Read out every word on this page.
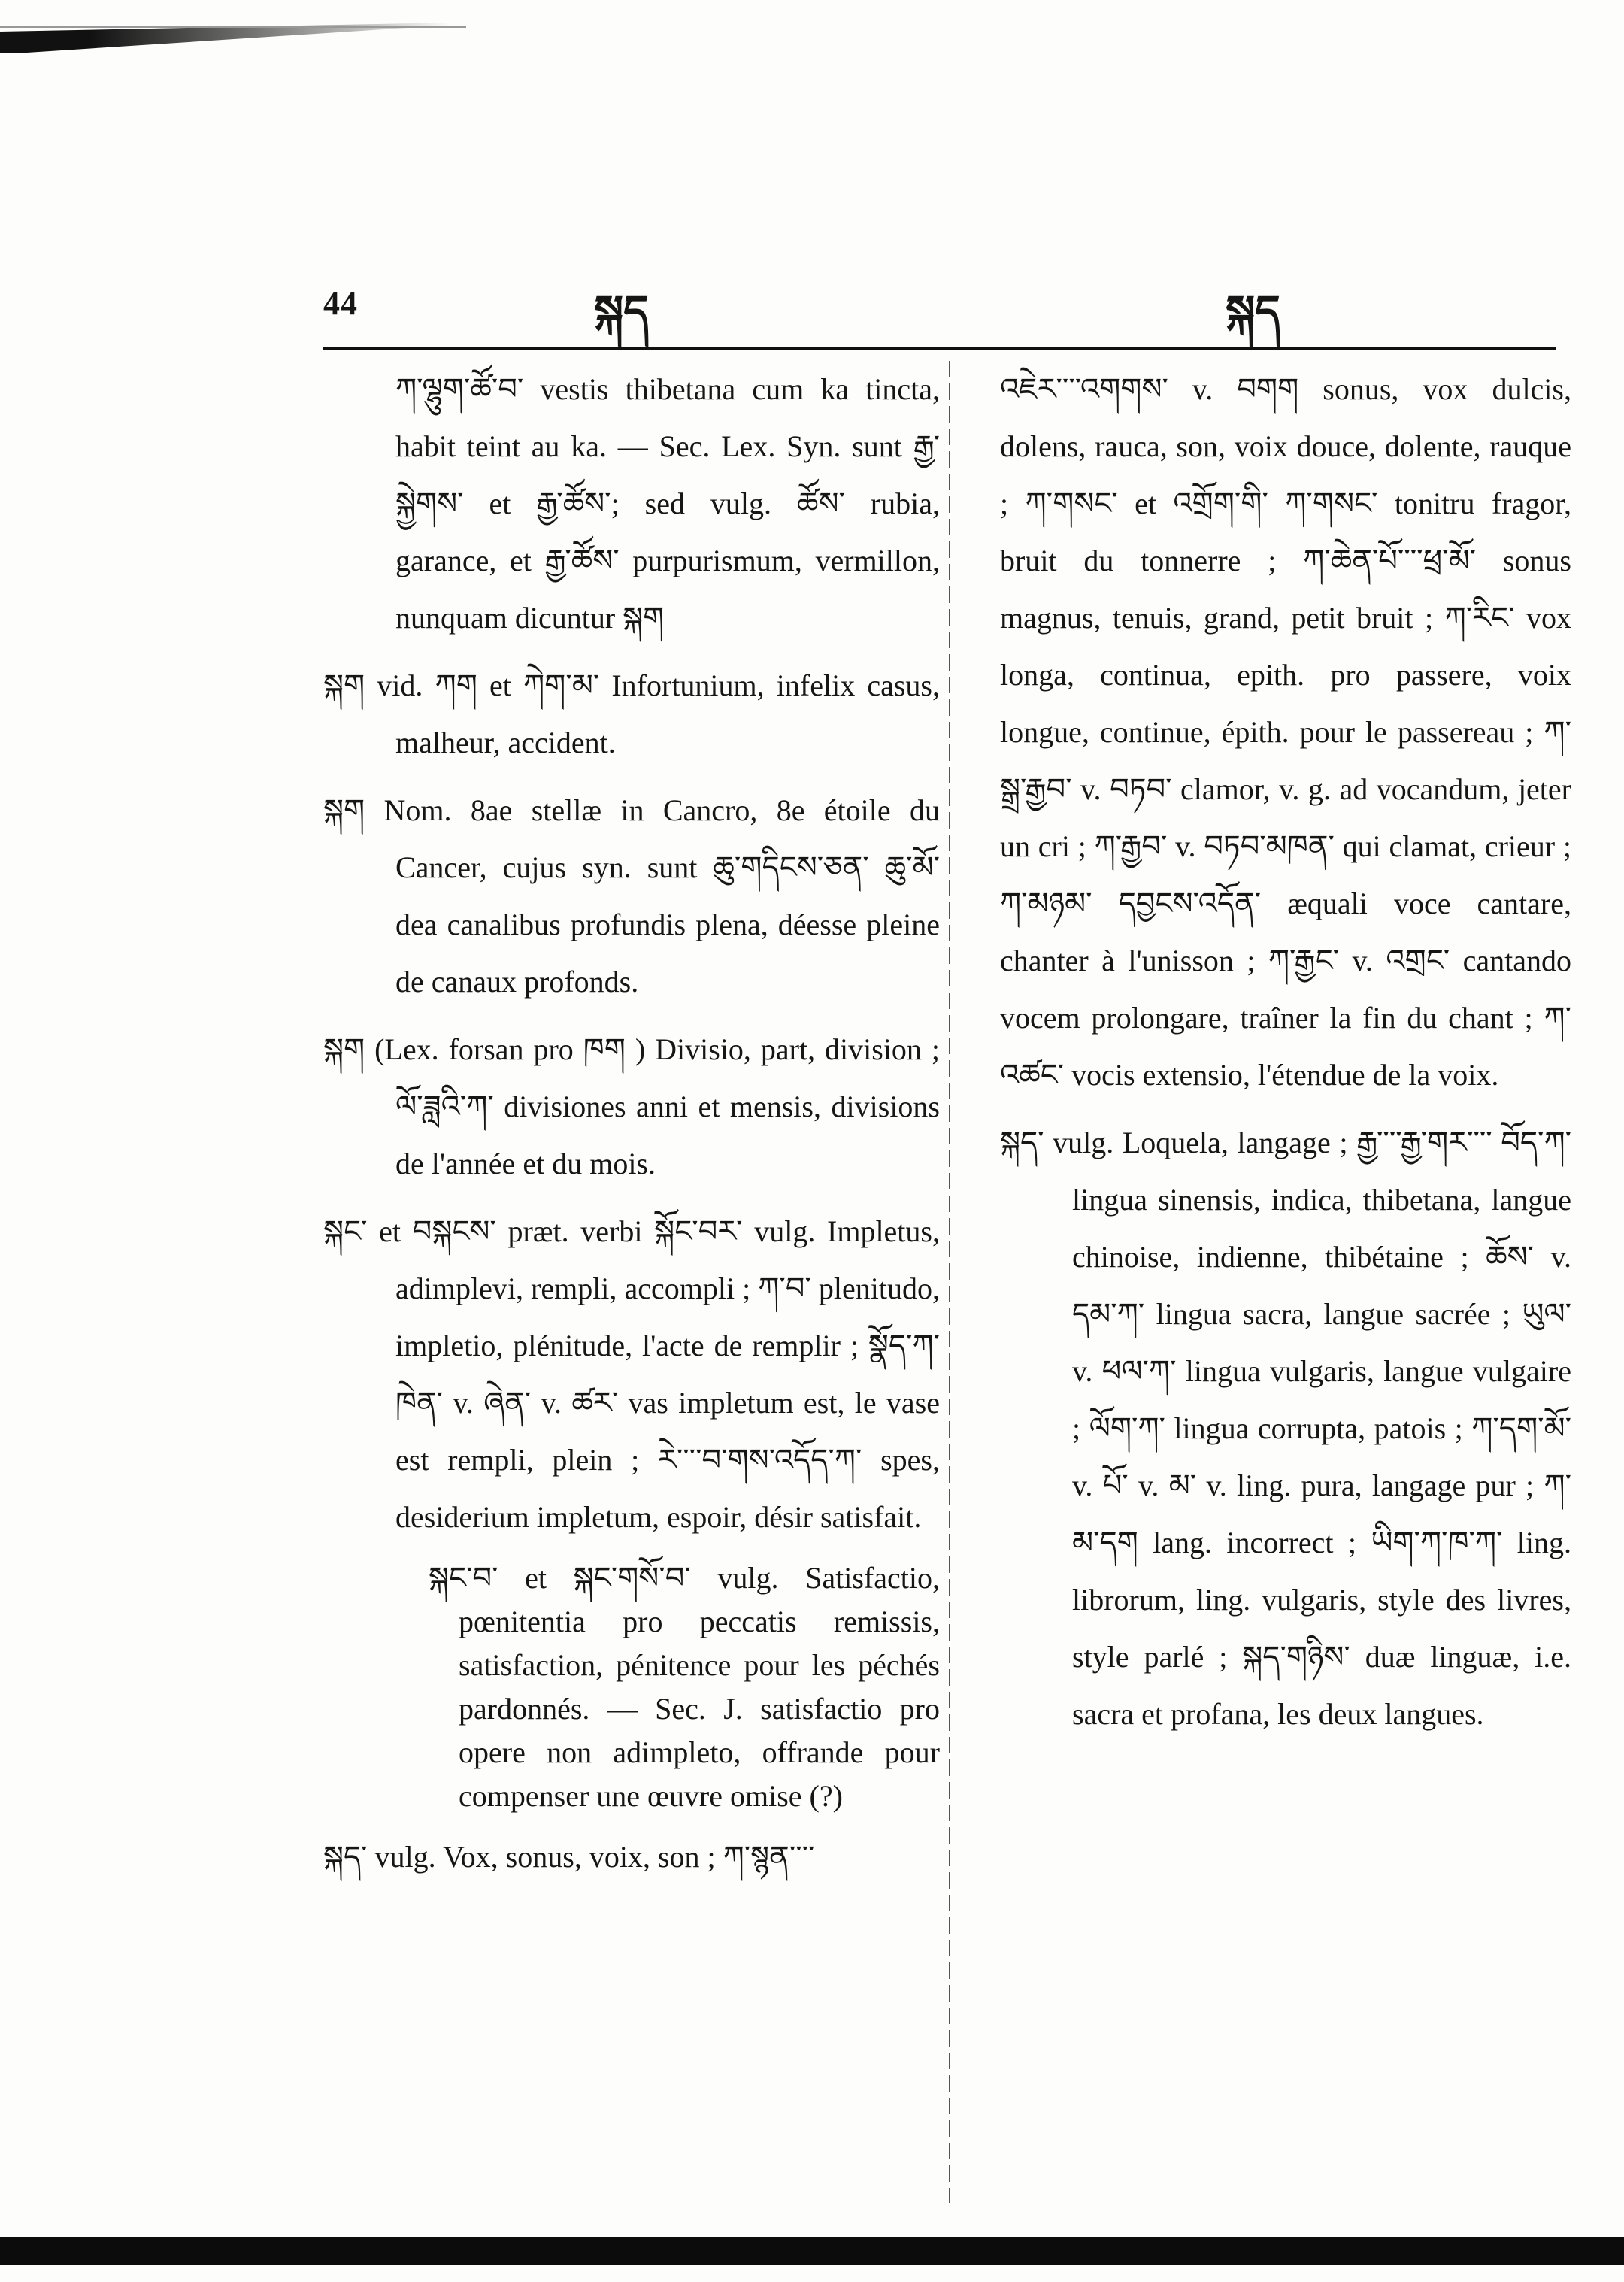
44	སྐད	སྐད

ཀ་ལྷུག་ཚོ་བ་ vestis thibetana cum ka tincta, habit teint au ka. — Sec. Lex. Syn. sunt རྒྱ་སྐྱེགས་ et རྒྱ་ཚོས་; sed vulg. ཚོས་ rubia, garance, et རྒྱ་ཚོས་ purpurismum, vermillon, nunquam dicuntur སྐག

སྐག vid. ཀག et ཀེག་མ་ Infortunium, infelix casus, malheur, accident.

སྐག Nom. 8ae stellæ in Cancro, 8e étoile du Cancer, cujus syn. sunt ཆུ་གདིངས་ཅན་ ཆུ་མོ་ dea canalibus profundis plena, déesse pleine de canaux profonds.

སྐག (Lex. forsan pro ཁག ) Divisio, part, division ; ལོ་ཟླའི་ཀ་ divisiones anni et mensis, divisions de l'année et du mois.

སྐང་ et བསྐངས་ præt. verbi སྐོང་བར་ vulg. Impletus, adimplevi, rempli, accompli ; ཀ་བ་ plenitudo, impletio, plénitude, l'acte de remplir ; སྣོད་ཀ་ཁེན་ v. ཞེན་ v. ཚར་ vas impletum est, le vase est rempli, plein ; རེ་་་་བ་གས་འདོད་ཀ་ spes, desiderium impletum, espoir, désir satisfait.

སྐང་བ་ et སྐང་གསོ་བ་ vulg. Satisfactio, pœnitentia pro peccatis remissis, satisfaction, pénitence pour les péchés pardonnés. — Sec. J. satisfactio pro opere non adimpleto, offrande pour compenser une œuvre omise (?)

སྐད་ vulg. Vox, sonus, voix, son ; ཀ་སྙན་་་་

འཇེར་་་་འགགས་ v. བགག sonus, vox dulcis, dolens, rauca, son, voix douce, dolente, rauque ; ཀ་གསང་ et འགྲོག་གི་ ཀ་གསང་ tonitru fragor, bruit du tonnerre ; ཀ་ཆེན་པོ་་་་ཕྲ་མོ་ sonus magnus, tenuis, grand, petit bruit ; ཀ་རིང་ vox longa, continua, epith. pro passere, voix longue, continue, épith. pour le passereau ; ཀ་སྒྲ་རྒྱབ་ v. བཏབ་ clamor, v. g. ad vocandum, jeter un cri ; ཀ་རྒྱབ་ v. བཏབ་མཁན་ qui clamat, crieur ; ཀ་མཉམ་ དབྱངས་འདོན་ æquali voce cantare, chanter à l'unisson ; ཀ་རྒྱང་ v. འགྲང་ cantando vocem prolongare, traîner la fin du chant ; ཀ་འཚང་ vocis extensio, l'étendue de la voix.

སྐད་ vulg. Loquela, langage ; རྒྱ་་་་རྒྱ་གར་་་་ བོད་ཀ་ lingua sinensis, indica, thibetana, langue chinoise, indienne, thibétaine ; ཆོས་ v. དམ་ཀ་ lingua sacra, langue sacrée ; ཡུལ་ v. ཕལ་ཀ་ lingua vulgaris, langue vulgaire ; ལོག་ཀ་ lingua corrupta, patois ; ཀ་དག་མོ་ v. པོ་ v. མ་ v. ling. pura, langage pur ; ཀ་མ་དག lang. incorrect ; ཡིག་ཀ་ཁ་ཀ་ ling. librorum, ling. vulgaris, style des livres, style parlé ; སྐད་གཉིས་ duæ linguæ, i.e. sacra et profana, les deux langues.
